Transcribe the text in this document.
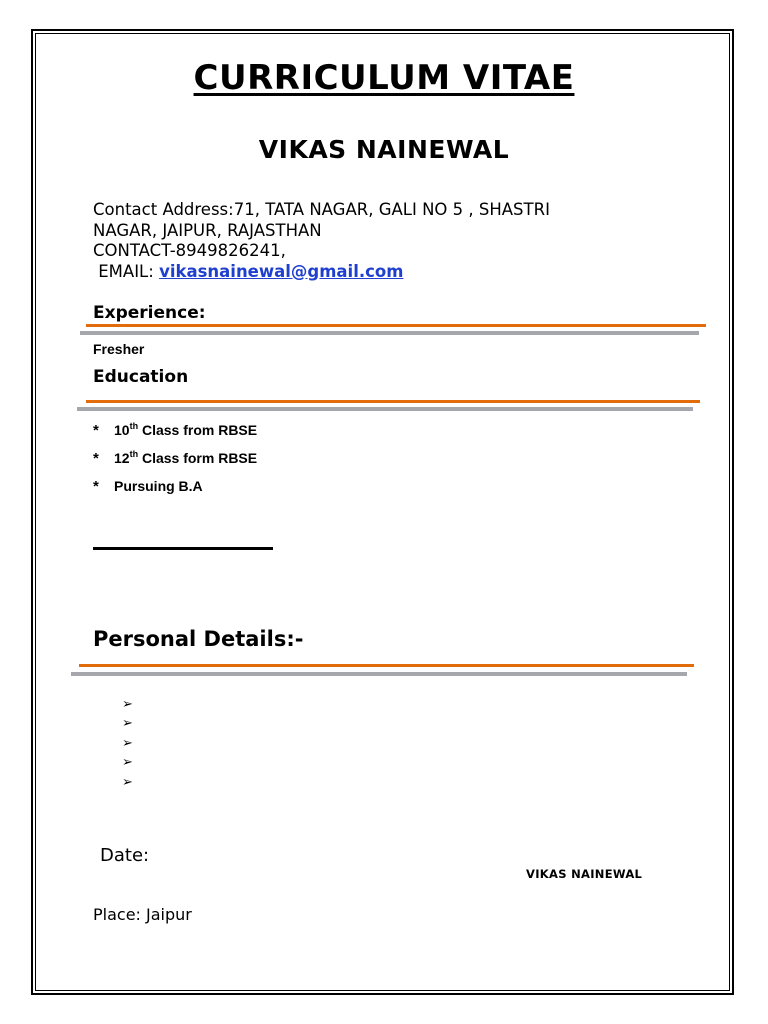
CURRICULUM VITAE
VIKAS NAINEWAL
Contact Address:71, TATA NAGAR, GALI NO 5 , SHASTRI
NAGAR, JAIPUR, RAJASTHAN
CONTACT-8949826241,
EMAIL: vikasnainewal@gmail.com
Experience:
Fresher
Education
* 10th Class from RBSE
* 12th Class form RBSE
* Pursuing B.A
Personal Details:-
➢
➢
➢
➢
➢
Date:
VIKAS NAINEWAL
Place: Jaipur
